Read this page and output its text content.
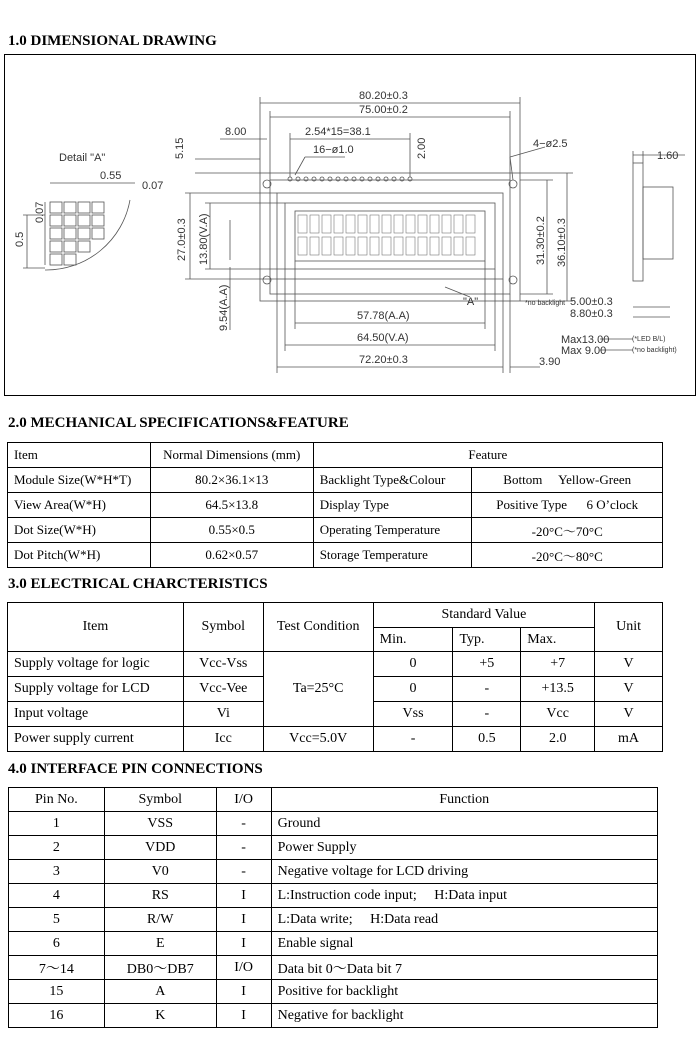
1.0 DIMENSIONAL DRAWING
Detail "A"
0.55
0.07
0.07
0.5
80.20±0.3
75.00±0.2
2.54*15=38.1
8.00
16−ø1.0	4−ø2.5
5.15	2.00	1.60
27.0±0.3 13.80(V.A)
9.54(A.A)
31.30±0.2 36.10±0.3
"A"	*no backlight 5.00±0.3
8.80±0.3
57.78(A.A)
64.50(V.A)
72.20±0.3	3.90
Max13.00
Max 9.00
(*LED B/L)
(*no backlight)
2.0 MECHANICAL SPECIFICATIONS&FEATURE
Item	Normal Dimensions (mm)	Feature	
Module Size(W*H*T)	80.2×36.1×13	Backlight Type&Colour	Bottom     Yellow-Green
View Area(W*H)	64.5×13.8	Display Type	Positive Type      6 O’clock
Dot Size(W*H)	0.55×0.5	Operating Temperature	-20°C～70°C
Dot Pitch(W*H)	0.62×0.57	Storage Temperature	-20°C～80°C
3.0 ELECTRICAL CHARCTERISTICS
Item	Symbol	Test Condition	Standard Value			Unit
			Min.	Typ.	Max.	
Supply voltage for logic	Vcc-Vss	Ta=25°C	0	+5	+7	V
Supply voltage for LCD	Vcc-Vee		0	-	+13.5	V
Input voltage	Vi		Vss	-	Vcc	V
Power supply current	Icc	Vcc=5.0V	-	0.5	2.0	mA
4.0 INTERFACE PIN CONNECTIONS
Pin No.	Symbol	I/O	Function
1	VSS	-	Ground
2	VDD	-	Power Supply
3	V0	-	Negative voltage for LCD driving
4	RS	I	L:Instruction code input;     H:Data input
5	R/W	I	L:Data write;     H:Data read
6	E	I	Enable signal
7～14	DB0～DB7	I/O	Data bit 0～Data bit 7
15	A	I	Positive for backlight
16	K	I	Negative for backlight
